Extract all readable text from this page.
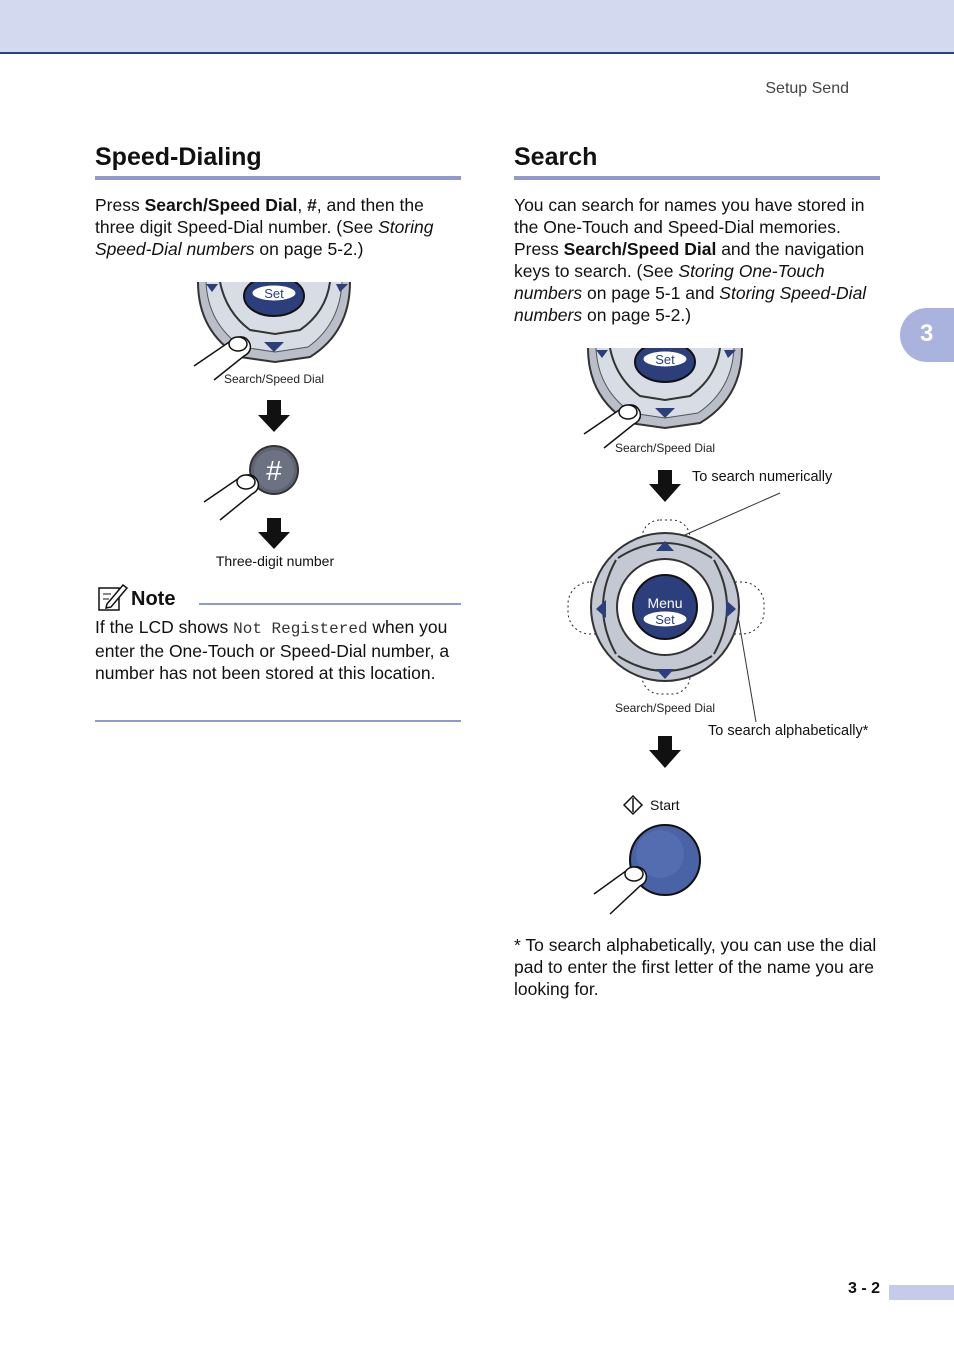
Setup Send
3
Speed-Dialing

Press Search/Speed Dial, #, and then the three digit Speed-Dial number. (See Storing Speed-Dial numbers on page 5-2.)

Set
Search/Speed Dial
#
Three-digit number
Note
If the LCD shows Not Registered when you enter the One-Touch or Speed-Dial number, a number has not been stored at this location.
Search

You can search for names you have stored in the One-Touch and Speed-Dial memories. Press Search/Speed Dial and the navigation keys to search. (See Storing One-Touch numbers on page 5-1 and Storing Speed-Dial numbers on page 5-2.)

Set
Search/Speed Dial
To search numerically
Menu
Set
Search/Speed Dial
To search alphabetically*
Start
* To search alphabetically, you can use the dial pad to enter the first letter of the name you are looking for.
3 - 2
